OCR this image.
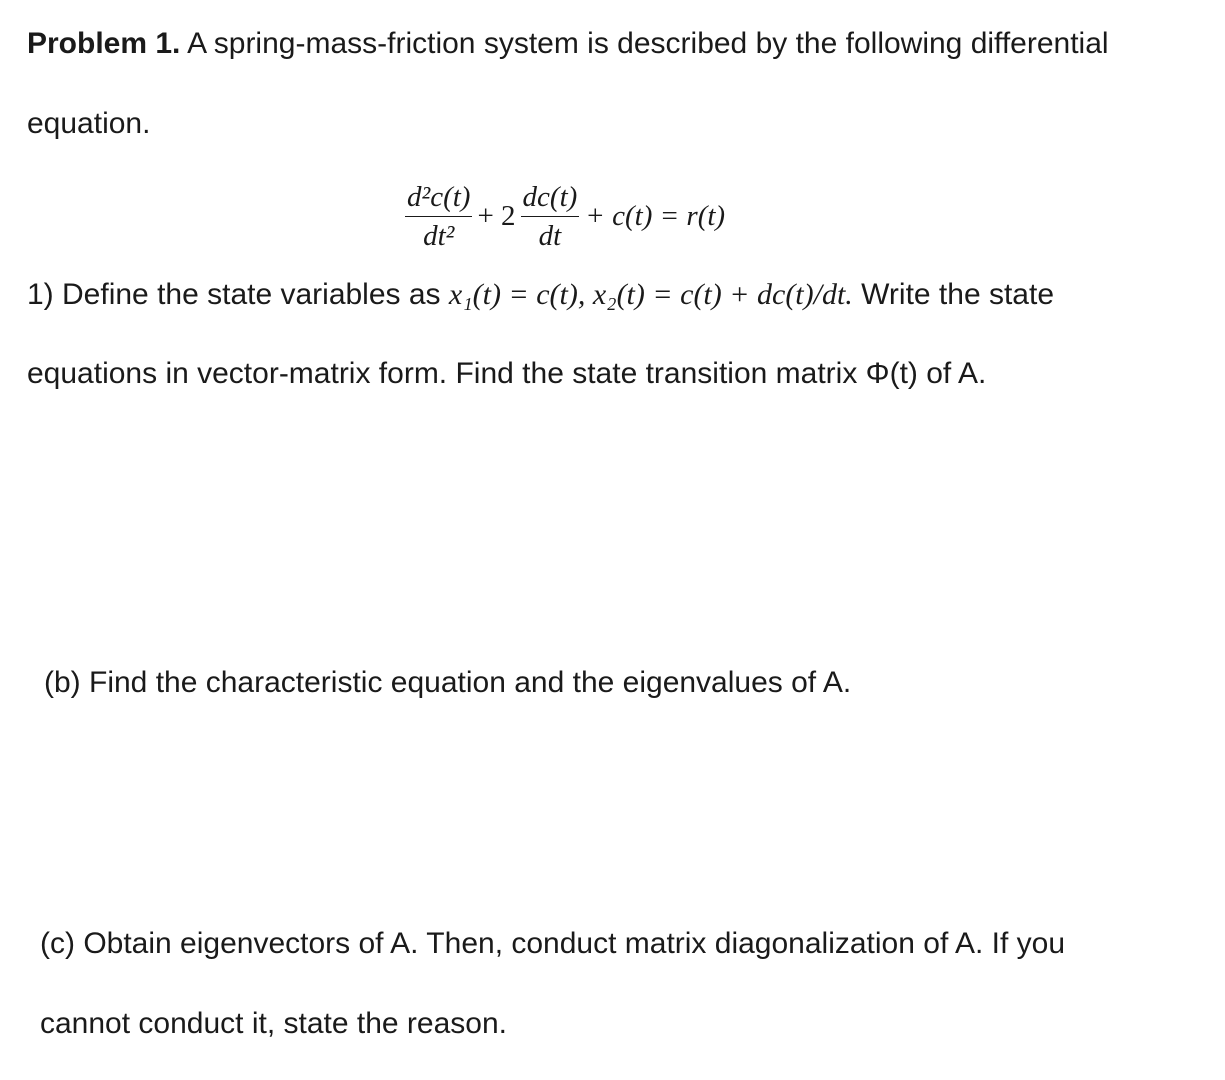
Problem 1. A spring-mass-friction system is described by the following differential
equation.
$\frac{\text{d²c(t)}}{\text{dt²}} + 2 \frac{dc(t)}{dt} + c(t) = r(t)$
1) Define the state variables as x₁(t) = c(t), x₂(t) = c(t) + dc(t)/dt. Write the state
equations in vector-matrix form. Find the state transition matrix Φ(t) of A.
(b) Find the characteristic equation and the eigenvalues of A.
(c) Obtain eigenvectors of A. Then, conduct matrix diagonalization of A. If you
cannot conduct it, state the reason.
